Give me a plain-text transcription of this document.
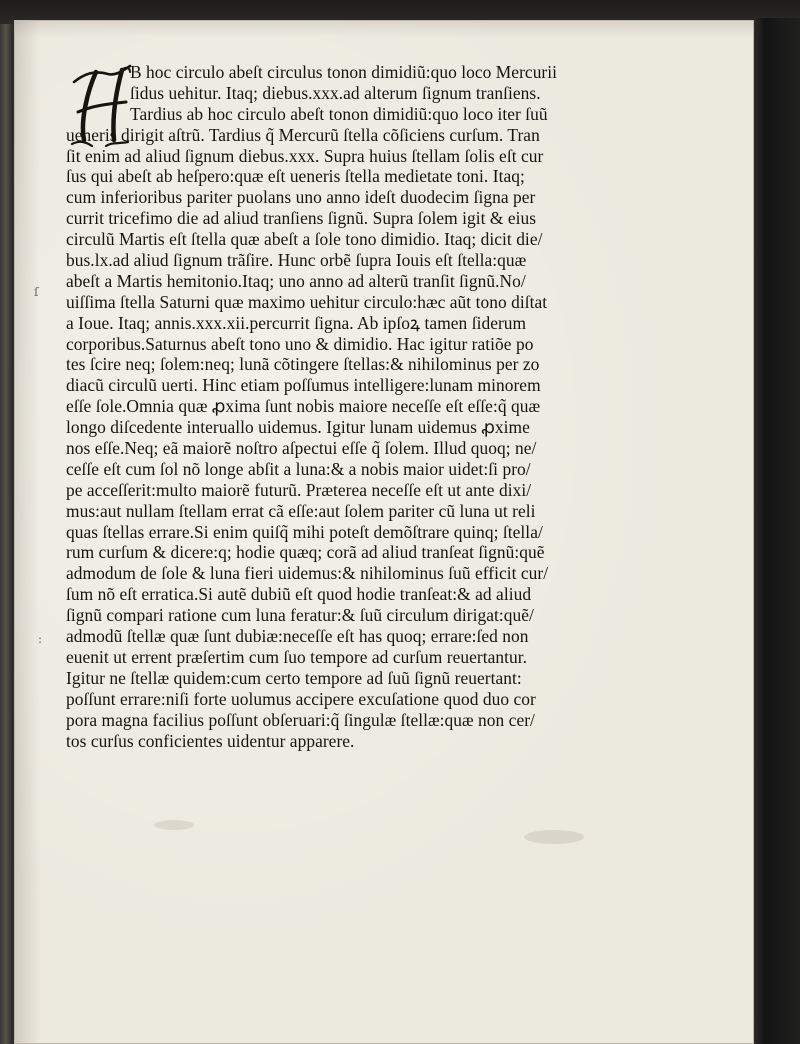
ſ
:
B hoc circulo abeſt circulus tonon dimidiũ:quo loco Mercurii
ſidus uehitur. Itaq; diebus.xxx.ad alterum ſignum tranſiens.
Tardius ab hoc circulo abeſt tonon dimidiũ:quo loco iter ſuũ
ueneris dirigit aſtrũ. Tardius q̃ Mercurũ ſtella cõſiciens curſum. Tran
ſit enim ad aliud ſignum diebus.xxx. Supra huius ſtellam ſolis eſt cur
ſus qui abeſt ab heſpero:quæ eſt ueneris ſtella medietate toni. Itaq;
cum inferioribus pariter puolans uno anno ideſt duodecim ſigna per
currit tricefimo die ad aliud tranſiens ſignũ. Supra ſolem igit & eius
circulũ Martis eſt ſtella quæ abeſt a ſole tono dimidio. Itaq; dicit die/
bus.lx.ad aliud ſignum trãſire. Hunc orbẽ ſupra Iouis eſt ſtella:quæ
abeſt a Martis hemitonio.Itaq; uno anno ad alterũ tranſit ſignũ.No/
uiſſima ſtella Saturni quæ maximo uehitur circulo:hæc aũt tono diſtat
a Ioue. Itaq; annis.xxx.xii.percurrit ſigna. Ab ipſoꝝ tamen ſiderum
corporibus.Saturnus abeſt tono uno & dimidio. Hac igitur ratiõe po
tes ſcire neq; ſolem:neq; lunã cõtingere ſtellas:& nihilominus per zo
diacũ circulũ uerti. Hinc etiam poſſumus intelligere:lunam minorem
eſſe ſole.Omnia quæ ꝓxima ſunt nobis maiore neceſſe eſt eſſe:q̃ quæ
longo diſcedente interuallo uidemus. Igitur lunam uidemus ꝓxime
nos eſſe.Neq; eã maiorẽ noſtro aſpectui eſſe q̃ ſolem. Illud quoq; ne/
ceſſe eſt cum ſol nõ longe abſit a luna:& a nobis maior uidet:ſi pro/
pe acceſſerit:multo maiorẽ futurũ. Præterea neceſſe eſt ut ante dixi/
mus:aut nullam ſtellam errat cã eſſe:aut ſolem pariter cũ luna ut reli
quas ſtellas errare.Si enim quiſq̃ mihi poteſt demõſtrare quinq; ſtella/
rum curſum & dicere:q; hodie quæq; corã ad aliud tranſeat ſignũ:quẽ
admodum de ſole & luna fieri uidemus:& nihilominus ſuũ efficit cur/
ſum nõ eſt erratica.Si autẽ dubiũ eſt quod hodie tranſeat:& ad aliud
ſignũ compari ratione cum luna feratur:& ſuũ circulum dirigat:quẽ/
admodũ ſtellæ quæ ſunt dubiæ:neceſſe eſt has quoq; errare:ſed non
euenit ut errent præſertim cum ſuo tempore ad curſum reuertantur.
Igitur ne ſtellæ quidem:cum certo tempore ad ſuũ ſignũ reuertant:
poſſunt errare:niſi forte uolumus accipere excuſatione quod duo cor
pora magna facilius poſſunt obſeruari:q̃ ſingulæ ſtellæ:quæ non cer/
tos curſus conficientes uidentur apparere.
